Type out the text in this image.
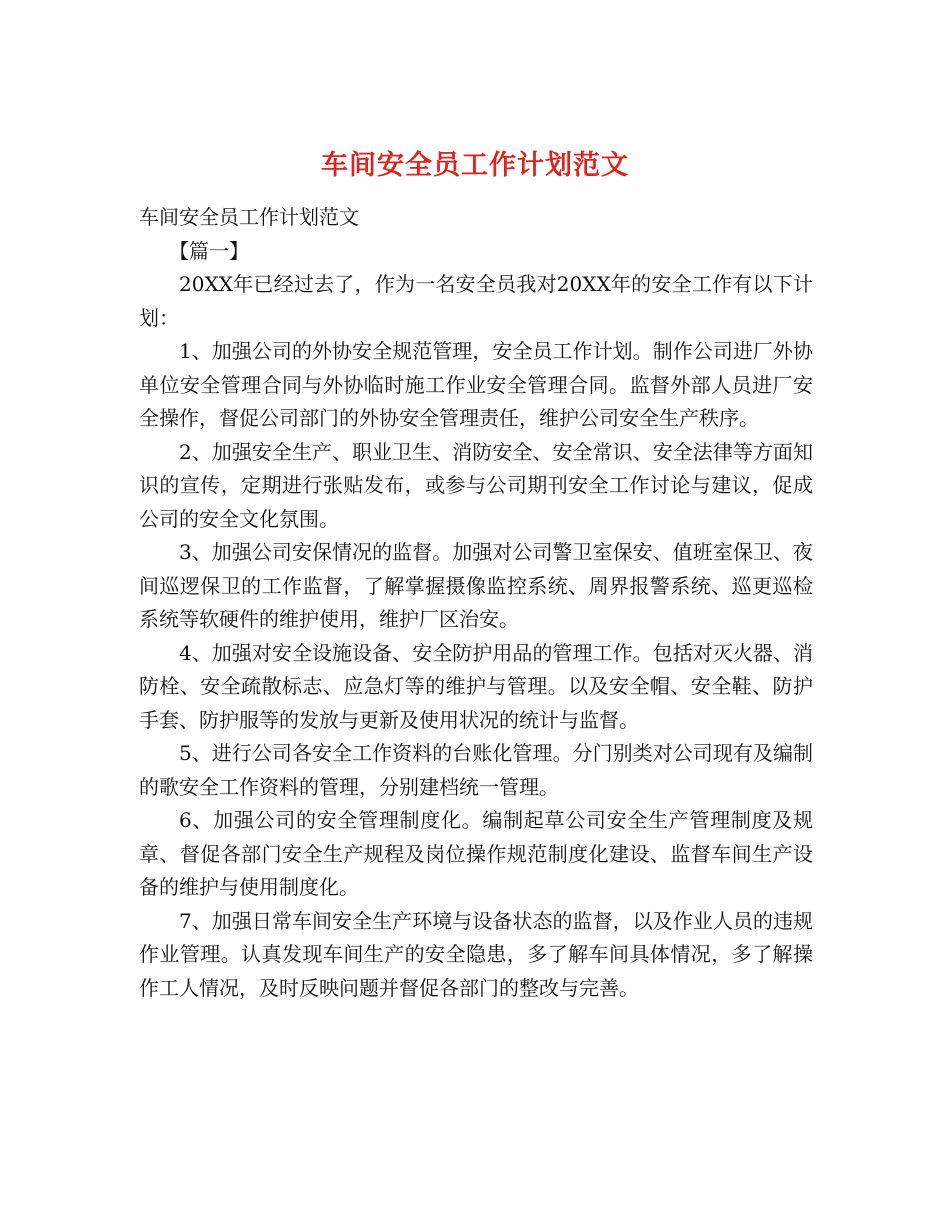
车间安全员工作计划范文

车间安全员工作计划范文

【篇一】

20XX年已经过去了，作为一名安全员我对20XX年的安全工作有以下计划：

1、加强公司的外协安全规范管理，安全员工作计划。制作公司进厂外协单位安全管理合同与外协临时施工作业安全管理合同。监督外部人员进厂安全操作，督促公司部门的外协安全管理责任，维护公司安全生产秩序。

2、加强安全生产、职业卫生、消防安全、安全常识、安全法律等方面知识的宣传，定期进行张贴发布，或参与公司期刊安全工作讨论与建议，促成公司的安全文化氛围。

3、加强公司安保情况的监督。加强对公司警卫室保安、值班室保卫、夜间巡逻保卫的工作监督，了解掌握摄像监控系统、周界报警系统、巡更巡检系统等软硬件的维护使用，维护厂区治安。

4、加强对安全设施设备、安全防护用品的管理工作。包括对灭火器、消防栓、安全疏散标志、应急灯等的维护与管理。以及安全帽、安全鞋、防护手套、防护服等的发放与更新及使用状况的统计与监督。

5、进行公司各安全工作资料的台账化管理。分门别类对公司现有及编制的歌安全工作资料的管理，分别建档统一管理。

6、加强公司的安全管理制度化。编制起草公司安全生产管理制度及规章、督促各部门安全生产规程及岗位操作规范制度化建设、监督车间生产设备的维护与使用制度化。

7、加强日常车间安全生产环境与设备状态的监督，以及作业人员的违规作业管理。认真发现车间生产的安全隐患，多了解车间具体情况，多了解操作工人情况，及时反映问题并督促各部门的整改与完善。
